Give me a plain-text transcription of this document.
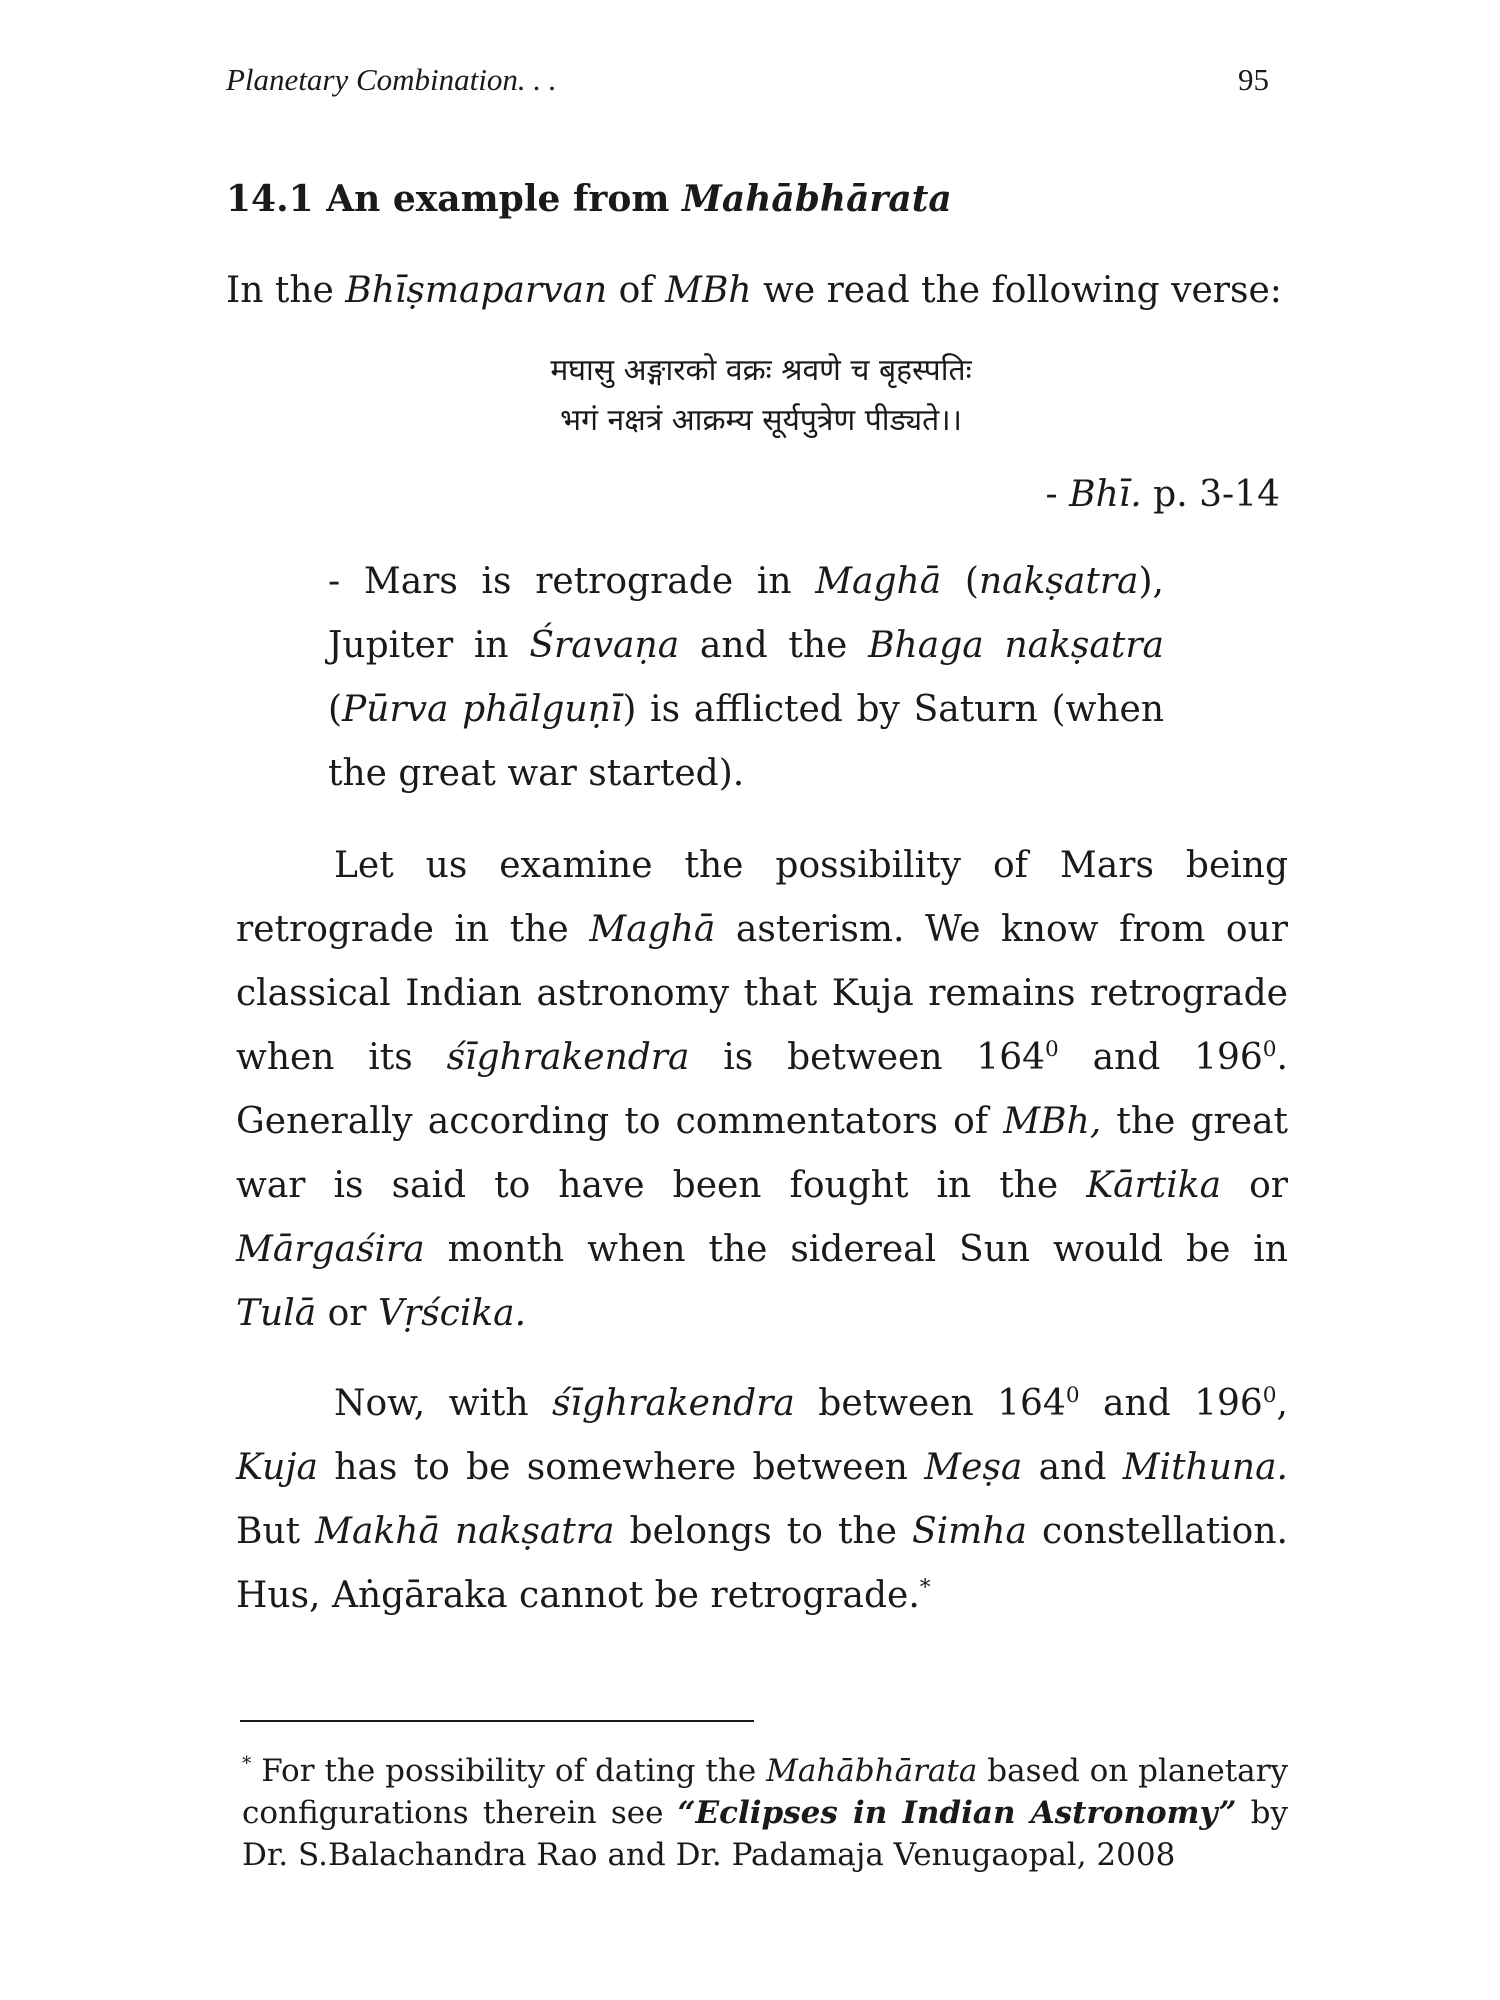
Planetary Combination. . .	95
14.1 An example from Mahābhārata
In the Bhīṣmaparvan of MBh we read the following verse:
मघासु अङ्गारको वक्रः श्रवणे च बृहस्पतिः
भगं नक्षत्रं आक्रम्य सूर्यपुत्रेण पीड्यते।।
- Bhī. p. 3-14
- Mars is retrograde in Maghā (nakṣatra), Jupiter in Śravaṇa and the Bhaga nakṣatra (Pūrva phālguṇī) is afflicted by Saturn (when the great war started).
Let us examine the possibility of Mars being retrograde in the Maghā asterism. We know from our classical Indian astronomy that Kuja remains retrograde when its śīghrakendra is between $164^0$ and $196^0$. Generally according to commentators of MBh, the great war is said to have been fought in the Kārtika or Mārgaśira month when the sidereal Sun would be in Tulā or Vṛścika.
Now, with śīghrakendra between $164^0$ and $196^0$, Kuja has to be somewhere between Meṣa and Mithuna. But Makhā nakṣatra belongs to the Simha constellation. Hus, Aṅgāraka cannot be retrograde.*
* For the possibility of dating the Mahābhārata based on planetary configurations therein see “Eclipses in Indian Astronomy” by Dr. S.Balachandra Rao and Dr. Padamaja Venugaopal, 2008
